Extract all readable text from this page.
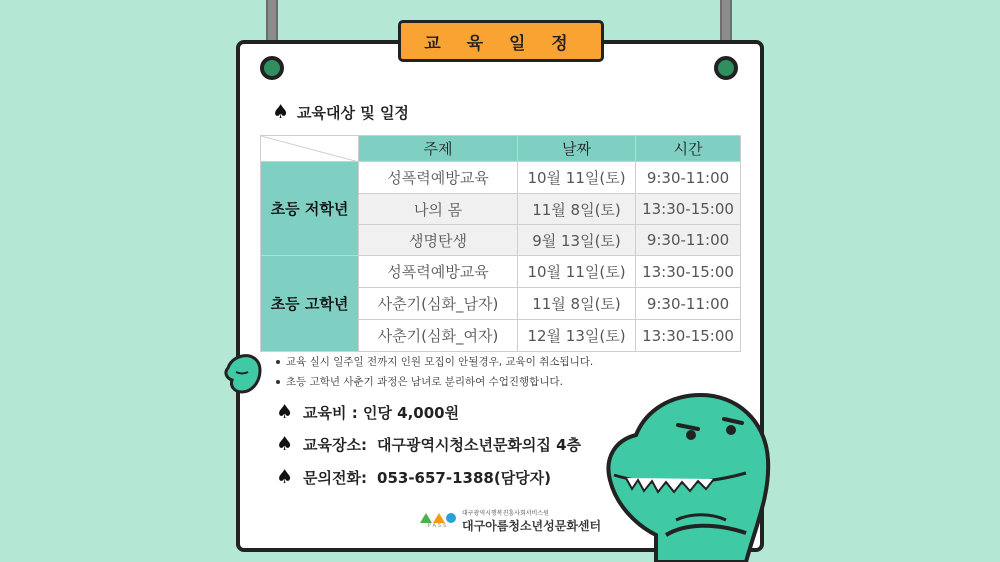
교 육 일 정
♠ 교육대상 및 일정
	주제	날짜	시간
초등 저학년	성폭력예방교육	10월 11일(토)	9:30-11:00
	나의 몸	11월 8일(토)	13:30-15:00
	생명탄생	9월 13일(토)	9:30-11:00
초등 고학년	성폭력예방교육	10월 11일(토)	13:30-15:00
	사춘기(심화_남자)	11월 8일(토)	9:30-11:00
	사춘기(심화_여자)	12월 13일(토)	13:30-15:00
교육 실시 일주일 전까지 인원 모집이 안될경우, 교육이 취소됩니다.
초등 고학년 사춘기 과정은 남녀로 분리하여 수업진행합니다.
♠ 교육비 : 인당 4,000원
♠ 교육장소: 대구광역시청소년문화의집 4층
♠ 문의전화: 053-657-1388(담당자)
PASS
대구광역시행복진흥사회서비스원
대구아름청소년성문화센터
